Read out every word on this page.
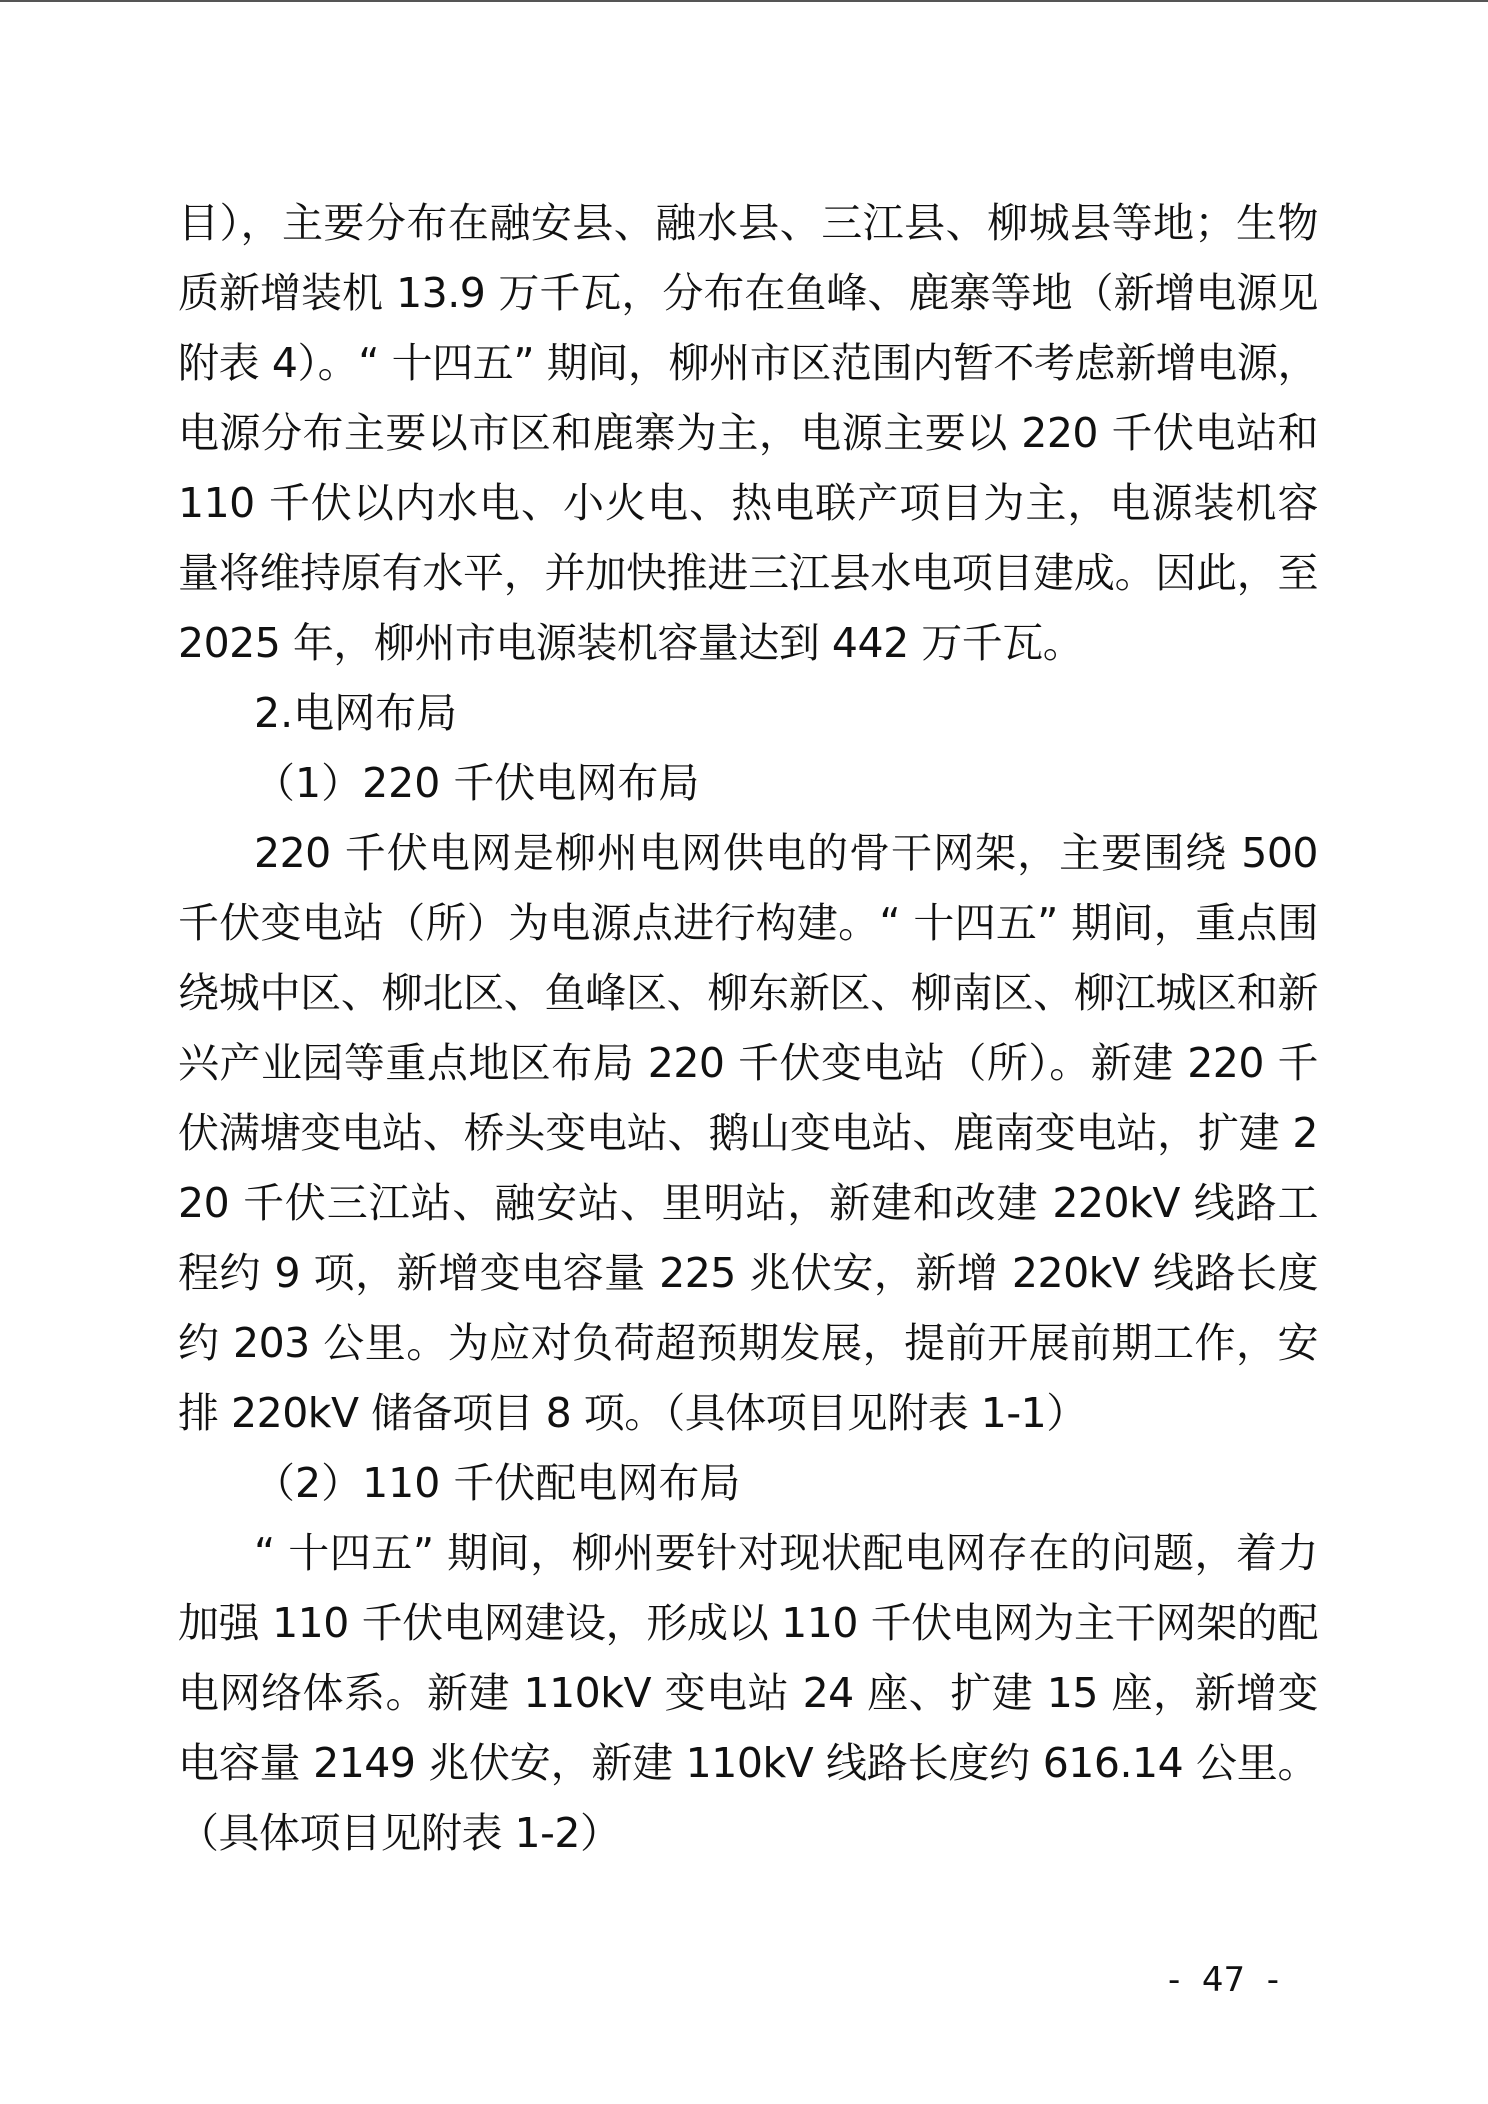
目），主要分布在融安县、融水县、三江县、柳城县等地；生物质新增装机 13.9 万千瓦，分布在鱼峰、鹿寨等地（新增电源见附表 4）。“ 十四五” 期间，柳州市区范围内暂不考虑新增电源，电源分布主要以市区和鹿寨为主，电源主要以 220 千伏电站和 110 千伏以内水电、小火电、热电联产项目为主，电源装机容量将维持原有水平，并加快推进三江县水电项目建成。因此，至 2025 年，柳州市电源装机容量达到 442 万千瓦。

2.电网布局

（1）220 千伏电网布局

220 千伏电网是柳州电网供电的骨干网架，主要围绕 500 千伏变电站（所）为电源点进行构建。“ 十四五” 期间，重点围绕城中区、柳北区、鱼峰区、柳东新区、柳南区、柳江城区和新兴产业园等重点地区布局 220 千伏变电站（所）。新建 220 千伏满塘变电站、桥头变电站、鹅山变电站、鹿南变电站，扩建 220 千伏三江站、融安站、里明站，新建和改建 220kV 线路工程约 9 项，新增变电容量 225 兆伏安，新增 220kV 线路长度约 203 公里。为应对负荷超预期发展，提前开展前期工作，安排 220kV 储备项目 8 项。（具体项目见附表 1-1）

（2）110 千伏配电网布局

“ 十四五” 期间，柳州要针对现状配电网存在的问题，着力加强 110 千伏电网建设，形成以 110 千伏电网为主干网架的配电网络体系。新建 110kV 变电站 24 座、扩建 15 座，新增变电容量 2149 兆伏安，新建 110kV 线路长度约 616.14 公里。（具体项目见附表 1-2）

-  47  -
